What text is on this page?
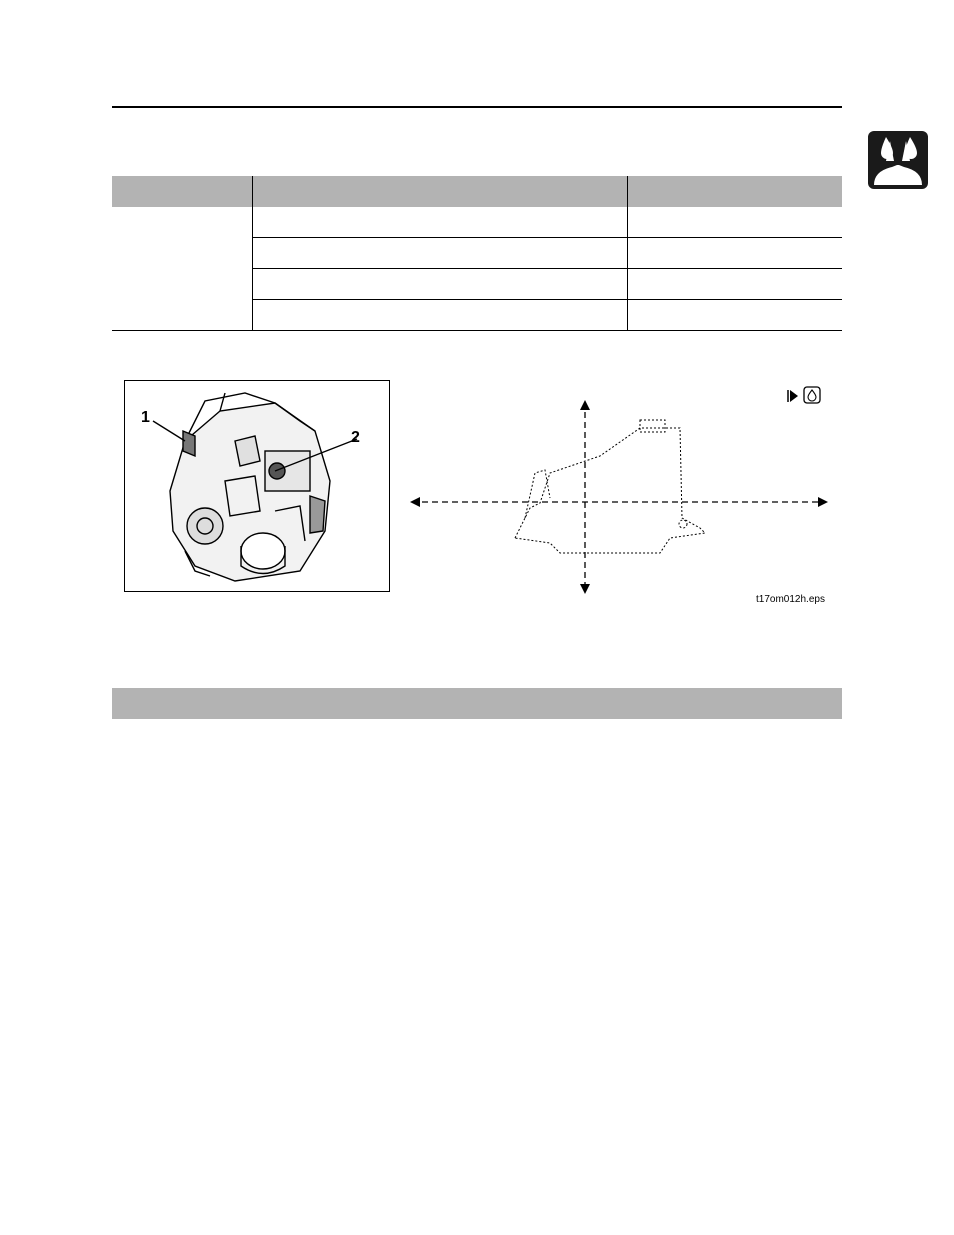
1
2
t17om012h.eps
